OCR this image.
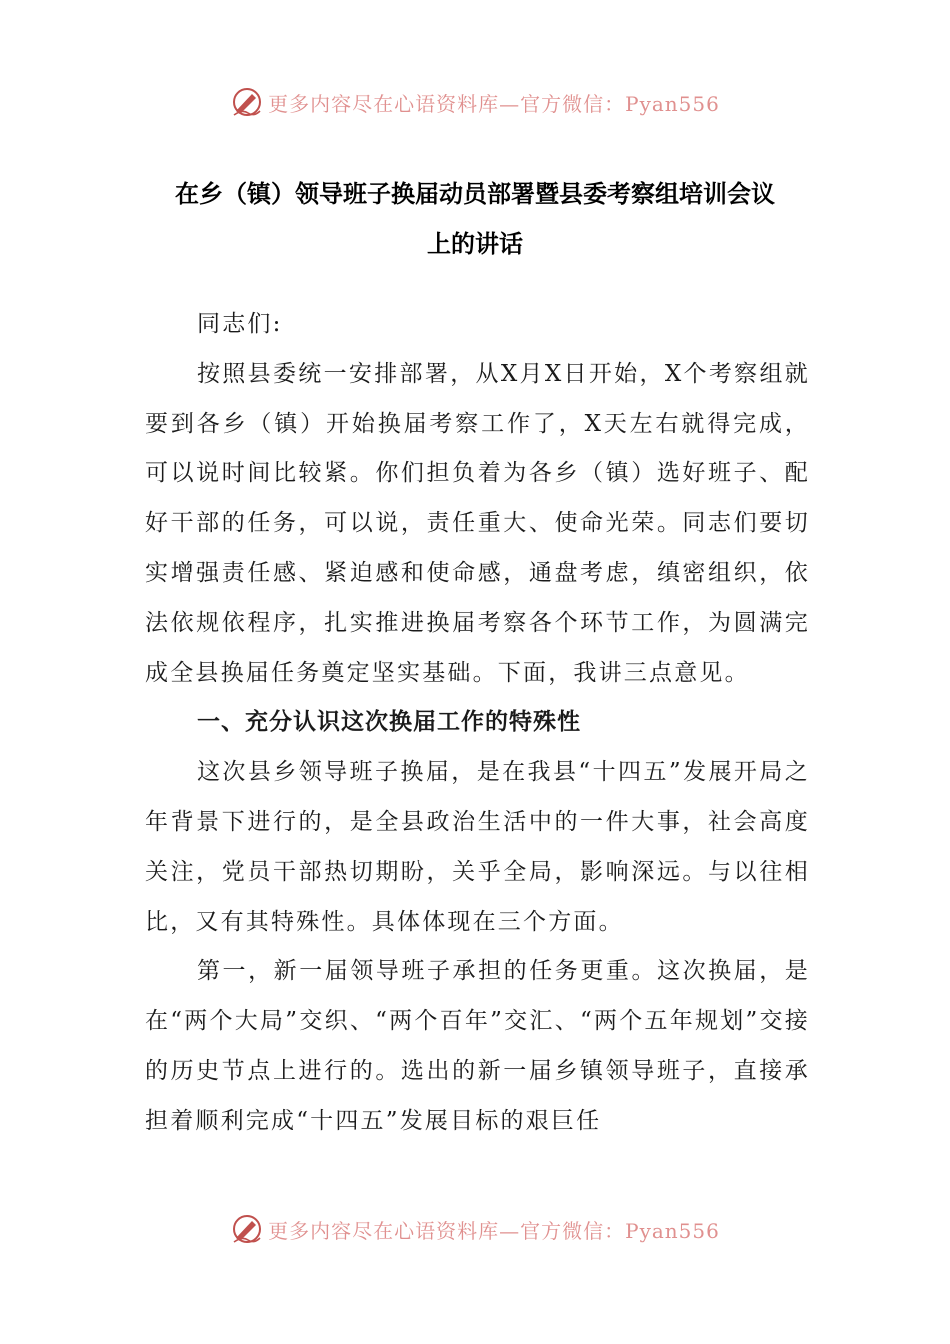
更多内容尽在心语资料库—官方微信：Pyan556
在乡（镇）领导班子换届动员部署暨县委考察组培训会议
上的讲话

同志们:

按照县委统一安排部署，从X月X日开始，X个考察组就要到各乡（镇）开始换届考察工作了，X天左右就得完成，可以说时间比较紧。你们担负着为各乡（镇）选好班子、配好干部的任务，可以说，责任重大、使命光荣。同志们要切实增强责任感、紧迫感和使命感，通盘考虑，缜密组织，依法依规依程序，扎实推进换届考察各个环节工作，为圆满完成全县换届任务奠定坚实基础。下面，我讲三点意见。

一、充分认识这次换届工作的特殊性

这次县乡领导班子换届，是在我县“十四五”发展开局之年背景下进行的，是全县政治生活中的一件大事，社会高度关注，党员干部热切期盼，关乎全局，影响深远。与以往相比，又有其特殊性。具体体现在三个方面。

第一，新一届领导班子承担的任务更重。这次换届，是在“两个大局”交织、“两个百年”交汇、“两个五年规划”交接的历史节点上进行的。选出的新一届乡镇领导班子，直接承担着顺利完成“十四五”发展目标的艰巨任

更多内容尽在心语资料库—官方微信：Pyan556
